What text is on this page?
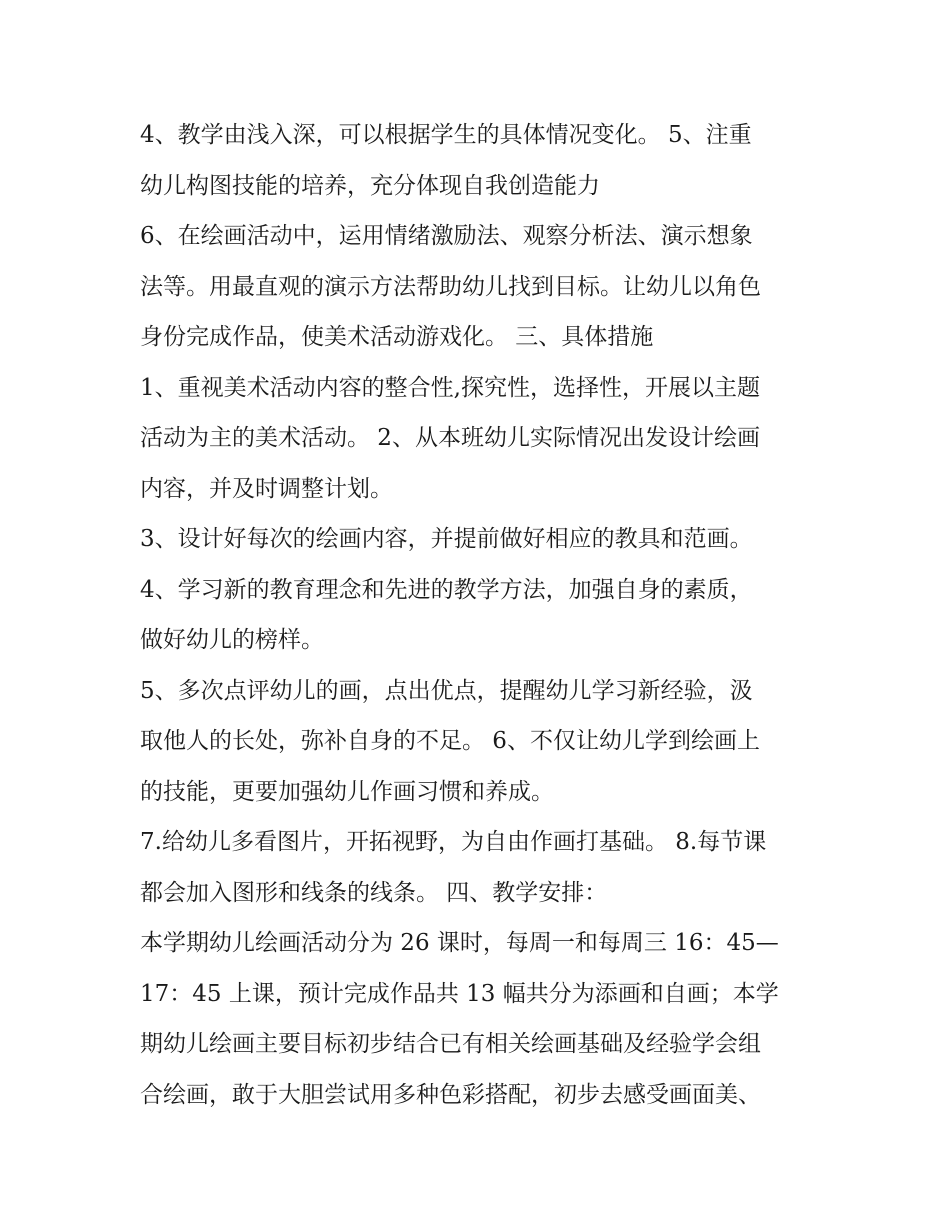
4、教学由浅入深，可以根据学生的具体情况变化。 5、注重
幼儿构图技能的培养，充分体现自我创造能力
6、在绘画活动中，运用情绪激励法、观察分析法、演示想象
法等。用最直观的演示方法帮助幼儿找到目标。让幼儿以角色
身份完成作品，使美术活动游戏化。 三、具体措施
1、重视美术活动内容的整合性,探究性，选择性，开展以主题
活动为主的美术活动。 2、从本班幼儿实际情况出发设计绘画
内容，并及时调整计划。
3、设计好每次的绘画内容，并提前做好相应的教具和范画。
4、学习新的教育理念和先进的教学方法，加强自身的素质，
做好幼儿的榜样。
5、多次点评幼儿的画，点出优点，提醒幼儿学习新经验，汲
取他人的长处，弥补自身的不足。 6、不仅让幼儿学到绘画上
的技能，更要加强幼儿作画习惯和养成。
7.给幼儿多看图片，开拓视野，为自由作画打基础。 8.每节课
都会加入图形和线条的线条。 四、教学安排：
本学期幼儿绘画活动分为 26 课时，每周一和每周三 16：45—
17：45 上课，预计完成作品共 13 幅共分为添画和自画；本学
期幼儿绘画主要目标初步结合已有相关绘画基础及经验学会组
合绘画，敢于大胆尝试用多种色彩搭配，初步去感受画面美、
